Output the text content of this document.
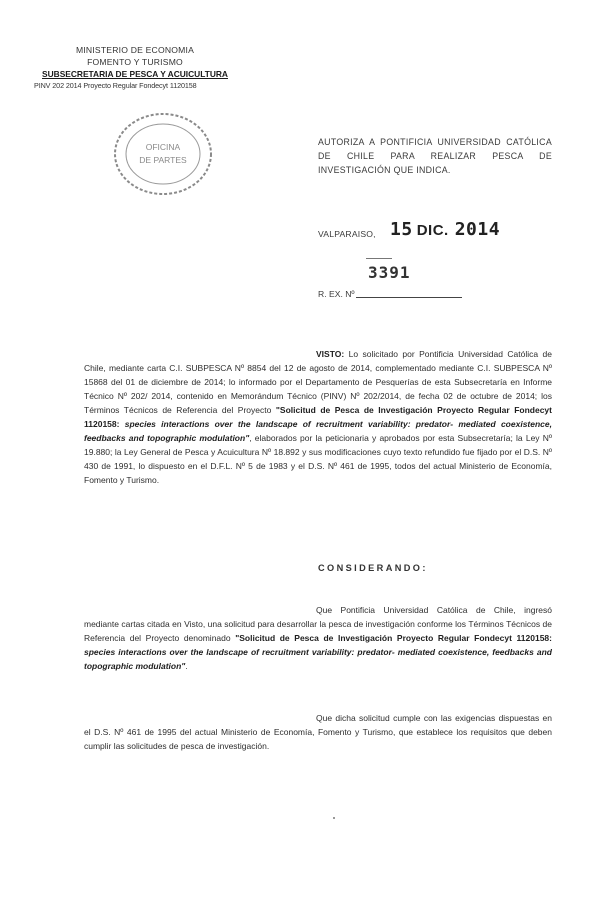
MINISTERIO DE ECONOMIA
FOMENTO Y TURISMO
SUBSECRETARIA DE PESCA Y ACUICULTURA
PINV 202 2014 Proyecto Regular Fondecyt 1120158
OFICINA
DE PARTES
AUTORIZA A PONTIFICIA UNIVERSIDAD CATÓLICA DE CHILE PARA REALIZAR PESCA DE INVESTIGACIÓN QUE INDICA.
VALPARAISO, 15 DIC. 2014
3391
R. EX. Nº
VISTO: Lo solicitado por Pontificia Universidad Católica de Chile, mediante carta C.I. SUBPESCA Nº 8854 del 12 de agosto de 2014, complementado mediante C.I. SUBPESCA Nº 15868 del 01 de diciembre de 2014; lo informado por el Departamento de Pesquerías de esta Subsecretaría en Informe Técnico Nº 202/ 2014, contenido en Memorándum Técnico (PINV) Nº 202/2014, de fecha 02 de octubre de 2014; los Términos Técnicos de Referencia del Proyecto "Solicitud de Pesca de Investigación Proyecto Regular Fondecyt 1120158: species interactions over the landscape of recruitment variability: predator- mediated coexistence, feedbacks and topographic modulation", elaborados por la peticionaria y aprobados por esta Subsecretaría; la Ley Nº 19.880; la Ley General de Pesca y Acuicultura Nº 18.892 y sus modificaciones cuyo texto refundido fue fijado por el D.S. Nº 430 de 1991, lo dispuesto en el D.F.L. Nº 5 de 1983 y el D.S. Nº 461 de 1995, todos del actual Ministerio de Economía, Fomento y Turismo.
CONSIDERANDO:
Que Pontificia Universidad Católica de Chile, ingresó mediante cartas citada en Visto, una solicitud para desarrollar la pesca de investigación conforme los Términos Técnicos de Referencia del Proyecto denominado "Solicitud de Pesca de Investigación Proyecto Regular Fondecyt 1120158: species interactions over the landscape of recruitment variability: predator- mediated coexistence, feedbacks and topographic modulation".
Que dicha solicitud cumple con las exigencias dispuestas en el D.S. Nº 461 de 1995 del actual Ministerio de Economía, Fomento y Turismo, que establece los requisitos que deben cumplir las solicitudes de pesca de investigación.
